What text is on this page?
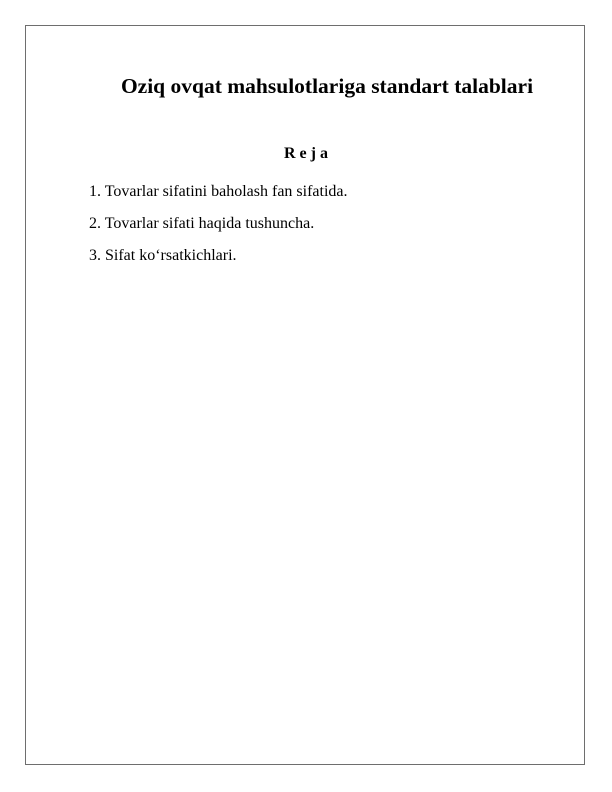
Oziq ovqat mahsulotlariga standart talablari
R e j a
1. Tovarlar sifatini baholash fan sifatida.
2. Tovarlar sifati haqida tushuncha.
3. Sifat ko‘rsatkichlari.
